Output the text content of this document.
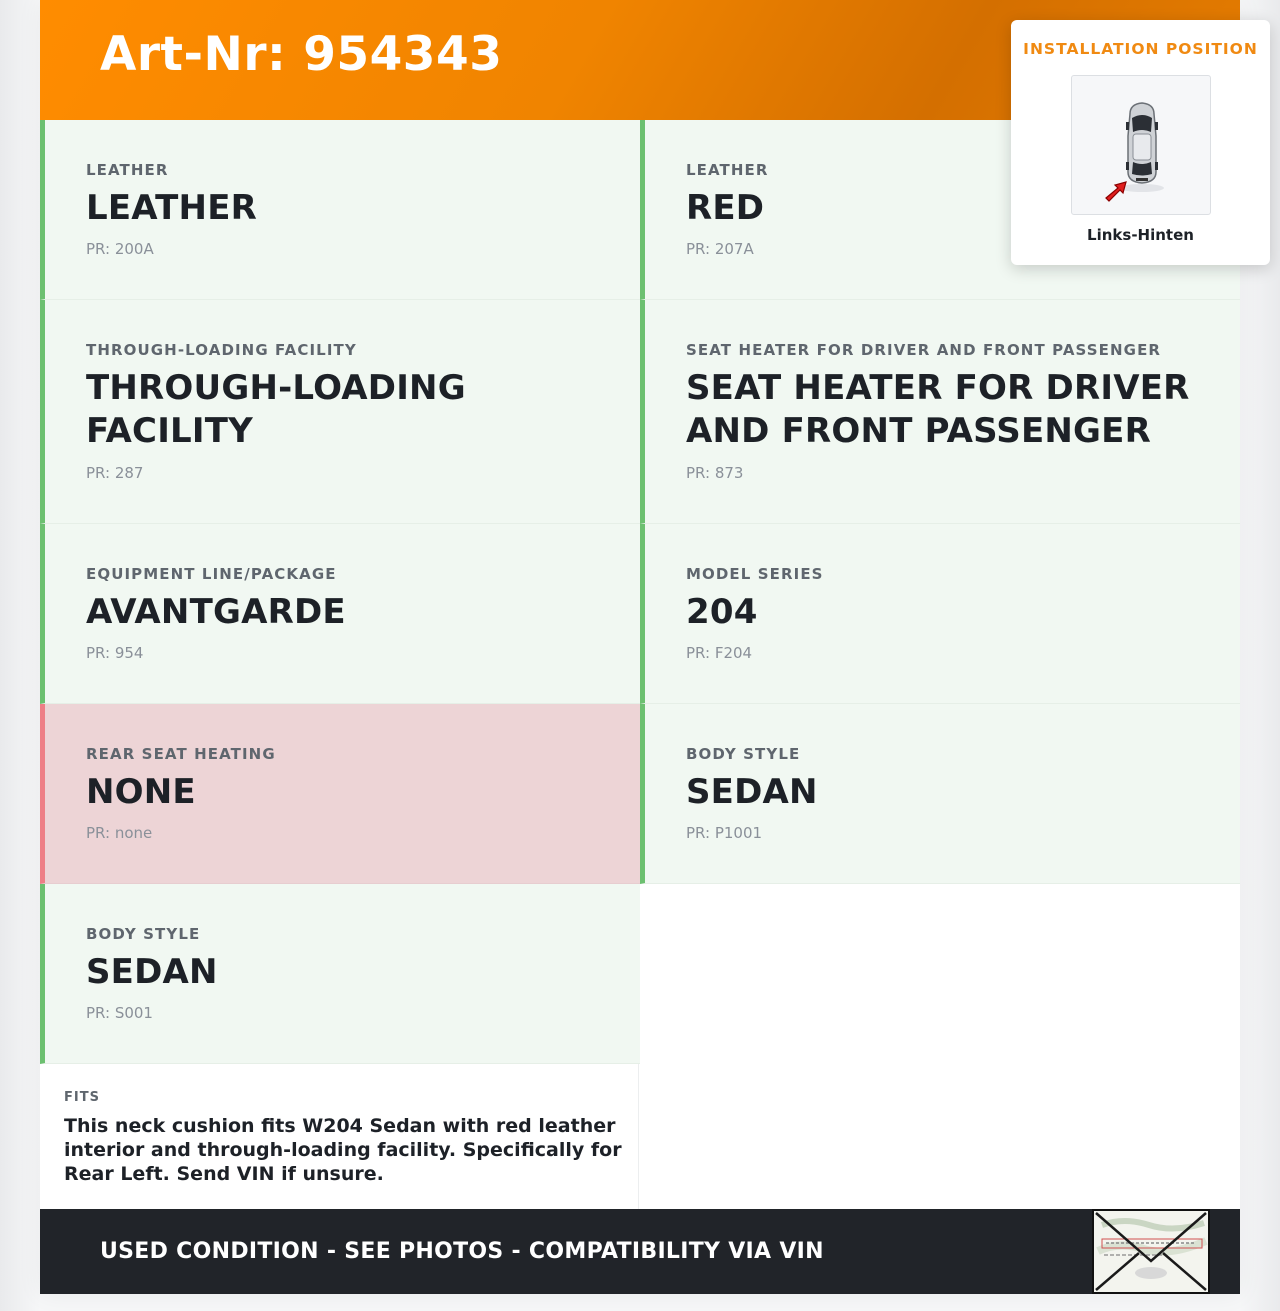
Art-Nr: 954343
LEATHER
LEATHER
PR: 200A
LEATHER
RED
PR: 207A
THROUGH-LOADING FACILITY
THROUGH-LOADING FACILITY
PR: 287
SEAT HEATER FOR DRIVER AND FRONT PASSENGER
SEAT HEATER FOR DRIVER AND FRONT PASSENGER
PR: 873
EQUIPMENT LINE/PACKAGE
AVANTGARDE
PR: 954
MODEL SERIES
204
PR: F204
REAR SEAT HEATING
NONE
PR: none
BODY STYLE
SEDAN
PR: P1001
BODY STYLE
SEDAN
PR: S001
FITS
This neck cushion fits W204 Sedan with red leather interior and through-loading facility. Specifically for Rear Left. Send VIN if unsure.
USED CONDITION - SEE PHOTOS - COMPATIBILITY VIA VIN
INSTALLATION POSITION
Links-Hinten
